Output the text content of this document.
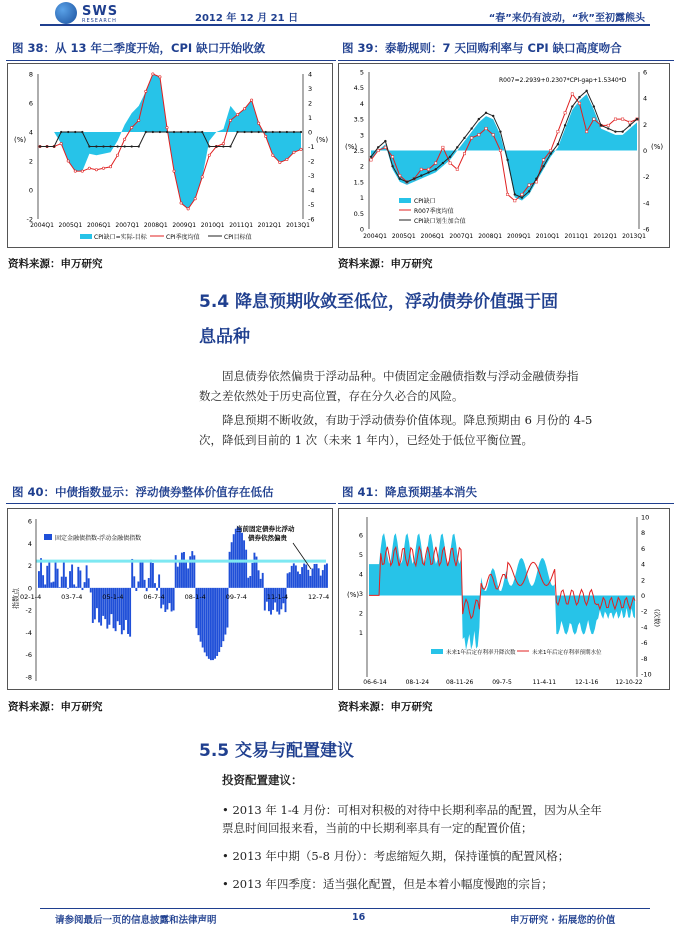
SWS
RESEARCH	2012 年 12 月 21 日	“春”来仍有波动，“秋”至初露熊头
图 38：从 13 年二季度开始，CPI 缺口开始收敛	图 39：泰勒规则：7 天回购利率与 CPI 缺口高度吻合
8
6
4
2
0
-2
4
3
2
1
0
-1
-2
-3
-4
-5
-6
2004Q1 2005Q1 2006Q1 2007Q1 2008Q1 2009Q1 2010Q1 2011Q1 2012Q1 2013Q1
(%)	(%)
CPI缺口=实际-目标	CPI季度均值	CPI目标值
5
4.5
4
3.5
3
2.5
2
1.5
1
0.5
0
6
4
2
0
-2
-4
-6
2004Q1 2005Q1 2006Q1 2007Q1 2008Q1 2009Q1 2010Q1 2011Q1 2012Q1 2013Q1
R007=2.2939+0.2307*CPI-gap+1.5340*D
(%)	(%)
CPI缺口
R007季度均值
CPI缺口划生加合值
资料来源：申万研究	资料来源：申万研究
5.4 降息预期收敛至低位，浮动债券价值强于固
息品种
固息债券依然偏贵于浮动品种。中债固定金融债指数与浮动金融债券指
数之差依然处于历史高位置，存在分久必合的风险。
降息预期不断收敛，有助于浮动债券价值体现。降息预期由 6 月份的 4-5
次，降低到目前的 1 次（未来 1 年内），已经处于低位平衡位置。
图 40：中债指数显示：浮动债券整体价值存在低估	图 41：降息预期基本消失
6
4
2
0
-2
-4
-6
-8
02-1-4	03-7-4	05-1-4	06-7-4	08-1-4	09-7-4	11-1-4	12-7-4
指数点
固定金融债指数-浮动金融债指数
当前固定债券比浮动
债券依然偏贵	6
5
4
3
2
1
10
8
6
4
2
0
-2
-4
-6
-8
-10
06-6-14	08-1-24	08-11-26	09-7-5	11-4-11	12-1-16	12-10-22
(%)
(次数)
未来1年后定存利率升降次数	未来1年后定存利率预期水位
资料来源：申万研究	资料来源：申万研究
5.5 交易与配置建议
投资配置建议：
• 2013 年 1-4 月份：可相对积极的对待中长期利率品的配置，因为从全年
票息时间回报来看，当前的中长期利率具有一定的配置价值；
• 2013 年中期（5-8 月份）：考虑缩短久期，保持谨慎的配置风格；
• 2013 年四季度：适当强化配置，但是本着小幅度慢跑的宗旨；
请参阅最后一页的信息披露和法律声明	16	申万研究 · 拓展您的价值
